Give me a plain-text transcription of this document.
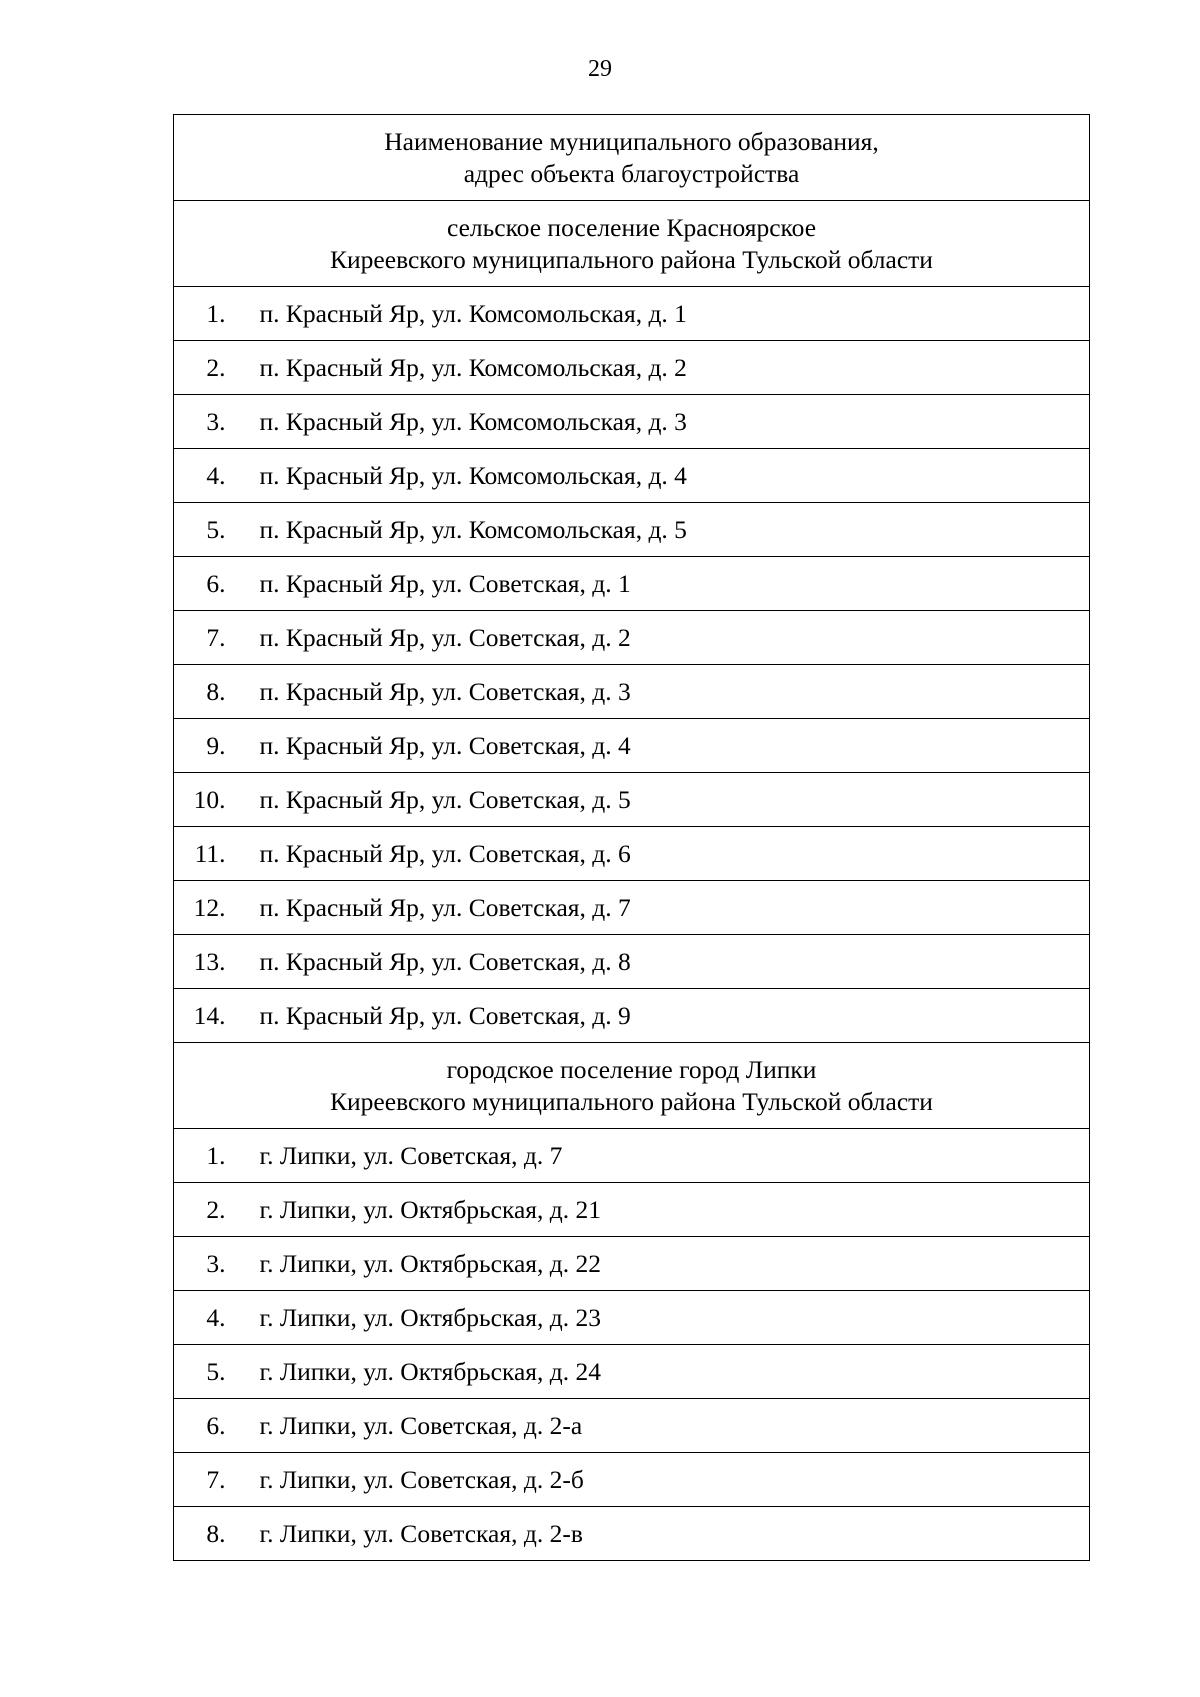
29
Наименование муниципального образования,
адрес объекта благоустройства	

сельское поселение Красноярское
Киреевского муниципального района Тульской области	

1.	п. Красный Яр, ул. Комсомольская, д. 1
2.	п. Красный Яр, ул. Комсомольская, д. 2
3.	п. Красный Яр, ул. Комсомольская, д. 3
4.	п. Красный Яр, ул. Комсомольская, д. 4
5.	п. Красный Яр, ул. Комсомольская, д. 5
6.	п. Красный Яр, ул. Советская, д. 1
7.	п. Красный Яр, ул. Советская, д. 2
8.	п. Красный Яр, ул. Советская, д. 3
9.	п. Красный Яр, ул. Советская, д. 4
10.	п. Красный Яр, ул. Советская, д. 5
11.	п. Красный Яр, ул. Советская, д. 6
12.	п. Красный Яр, ул. Советская, д. 7
13.	п. Красный Яр, ул. Советская, д. 8
14.	п. Красный Яр, ул. Советская, д. 9

городское поселение город Липки
Киреевского муниципального района Тульской области	

1.	г. Липки, ул. Советская, д. 7
2.	г. Липки, ул. Октябрьская, д. 21
3.	г. Липки, ул. Октябрьская, д. 22
4.	г. Липки, ул. Октябрьская, д. 23
5.	г. Липки, ул. Октябрьская, д. 24
6.	г. Липки, ул. Советская, д. 2-а
7.	г. Липки, ул. Советская, д. 2-б
8.	г. Липки, ул. Советская, д. 2-в
